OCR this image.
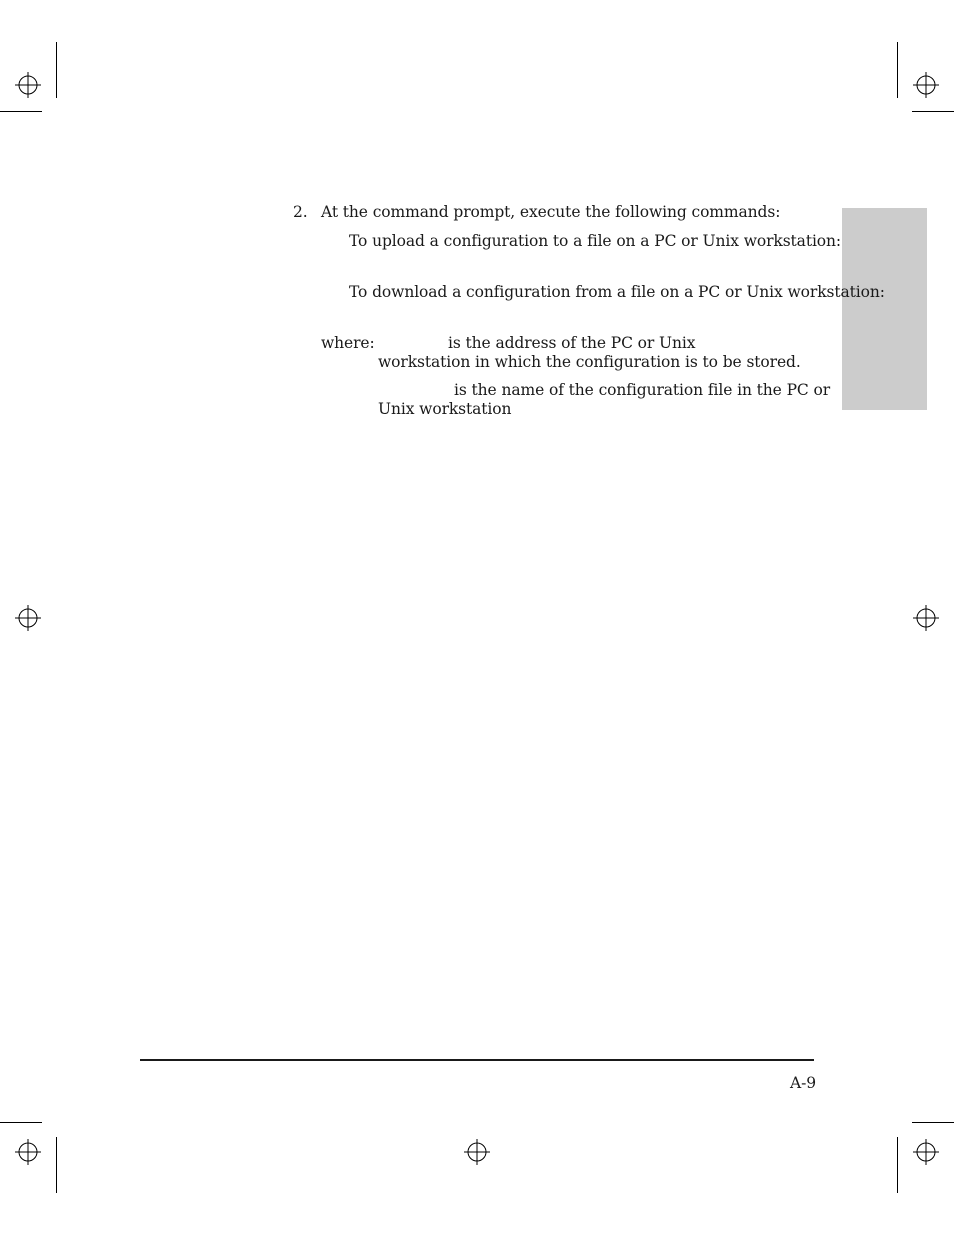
2. At the command prompt, execute the following commands:
To upload a configuration to a file on a PC or Unix workstation:
To download a configuration from a file on a PC or Unix workstation:
where:	is the address of the PC or Unix
workstation in which the configuration is to be stored.
is the name of the configuration file in the PC or
Unix workstation
A-9
